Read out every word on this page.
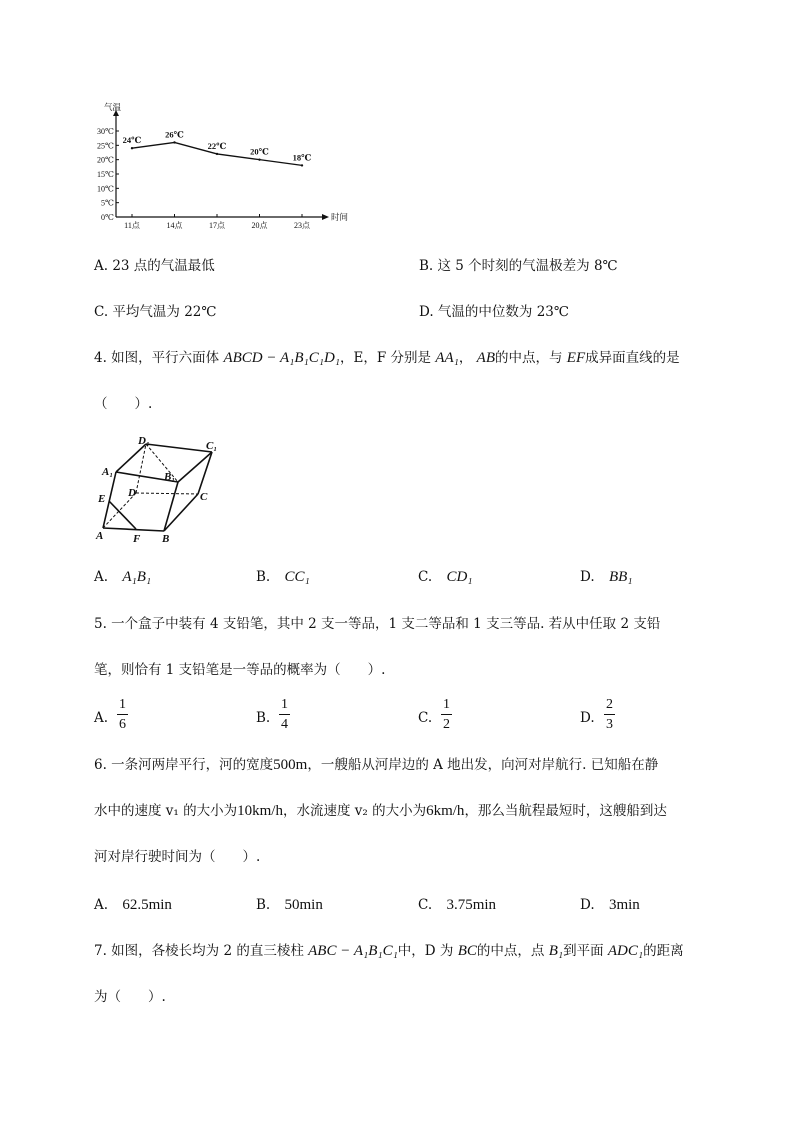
气温
时间
30℃
25℃
20℃
15℃
10℃
5℃
0℃
11点	14点	17点	20点	23点
24℃
26℃
22℃
20℃
18℃
A. 23 点的气温最低	B. 这 5 个时刻的气温极差为 8℃
C. 平均气温为 22℃	D. 气温的中位数为 23℃
4. 如图，平行六面体 ABCD − A₁B₁C₁D₁，E，F 分别是 AA₁， AB的中点，与 EF成异面直线的是
（　　）.
D₁	C₁
A₁	B₁
E D	C
A	F B
A. A₁B₁	B. CC₁	C. CD₁	D. BB₁
5. 一个盒子中装有 4 支铅笔，其中 2 支一等品，1 支二等品和 1 支三等品. 若从中任取 2 支铅
笔，则恰有 1 支铅笔是一等品的概率为（　　）.
A.
1
6	B.
1
4	C.
1
2	D.
2
3
6. 一条河两岸平行，河的宽度500m，一艘船从河岸边的 A 地出发，向河对岸航行. 已知船在静
水中的速度 v₁ 的大小为10km/h，水流速度 v₂ 的大小为6km/h，那么当航程最短时，这艘船到达
河对岸行驶时间为（　　）.
A. 62.5min	B. 50min	C. 3.75min	D. 3min
7. 如图，各棱长均为 2 的直三棱柱 ABC − A₁B₁C₁中，D 为 BC的中点，点 B₁到平面 ADC₁的距离
为（　　）.
